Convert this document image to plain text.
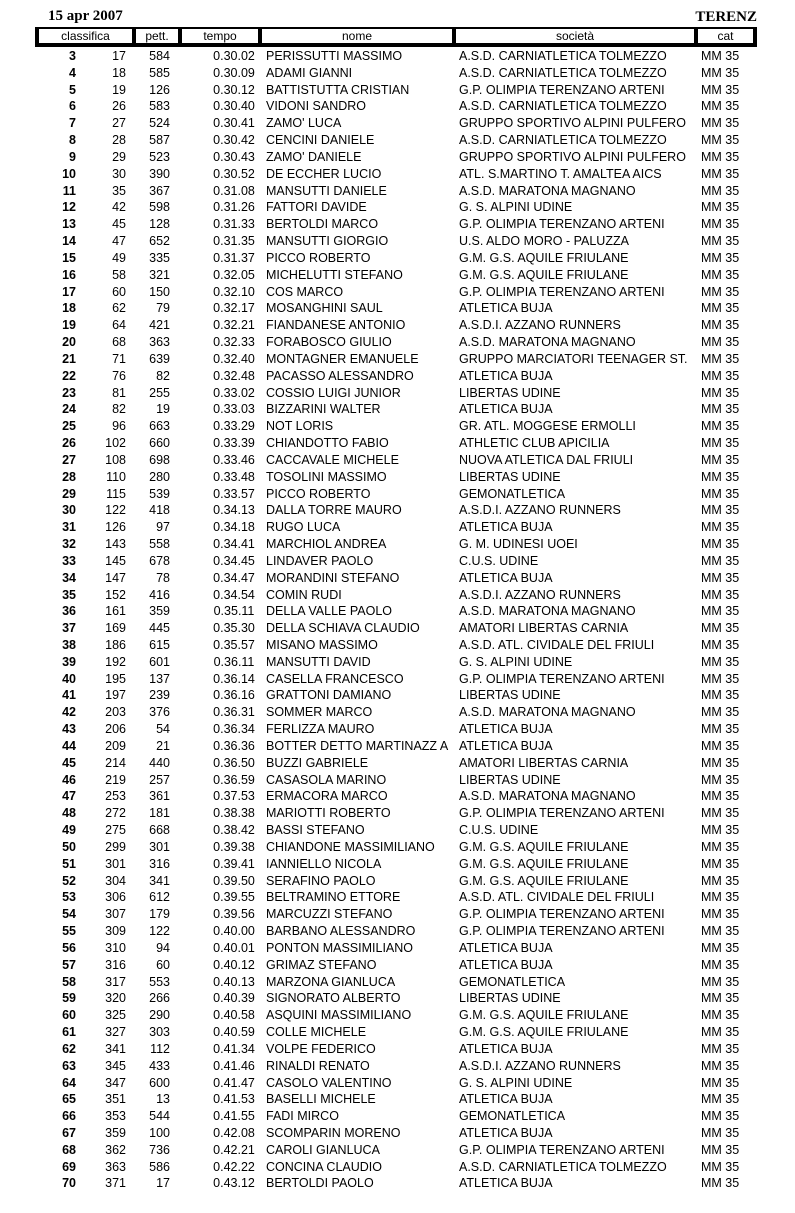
15 apr 2007	TERENZ
classifica	pett.	tempo	nome	società	cat
3	17	584	0.30.02 PERISSUTTI MASSIMO	A.S.D. CARNIATLETICA TOLMEZZO	MM 35
4	18	585	0.30.09 ADAMI GIANNI	A.S.D. CARNIATLETICA TOLMEZZO	MM 35
5	19	126	0.30.12 BATTISTUTTA CRISTIAN	G.P. OLIMPIA TERENZANO ARTENI	MM 35
6	26	583	0.30.40 VIDONI SANDRO	A.S.D. CARNIATLETICA TOLMEZZO	MM 35
7	27	524	0.30.41 ZAMO' LUCA	GRUPPO SPORTIVO ALPINI PULFERO	MM 35
8	28	587	0.30.42 CENCINI DANIELE	A.S.D. CARNIATLETICA TOLMEZZO	MM 35
9	29	523	0.30.43 ZAMO' DANIELE	GRUPPO SPORTIVO ALPINI PULFERO	MM 35
10	30	390	0.30.52 DE ECCHER LUCIO	ATL. S.MARTINO T. AMALTEA AICS	MM 35
11	35	367	0.31.08 MANSUTTI DANIELE	A.S.D. MARATONA MAGNANO	MM 35
12	42	598	0.31.26 FATTORI DAVIDE	G. S. ALPINI UDINE	MM 35
13	45	128	0.31.33 BERTOLDI MARCO	G.P. OLIMPIA TERENZANO ARTENI	MM 35
14	47	652	0.31.35 MANSUTTI GIORGIO	U.S. ALDO MORO - PALUZZA	MM 35
15	49	335	0.31.37 PICCO ROBERTO	G.M. G.S. AQUILE FRIULANE	MM 35
16	58	321	0.32.05 MICHELUTTI STEFANO	G.M. G.S. AQUILE FRIULANE	MM 35
17	60	150	0.32.10 COS MARCO	G.P. OLIMPIA TERENZANO ARTENI	MM 35
18	62	79	0.32.17 MOSANGHINI SAUL	ATLETICA BUJA	MM 35
19	64	421	0.32.21 FIANDANESE ANTONIO	A.S.D.I. AZZANO RUNNERS	MM 35
20	68	363	0.32.33 FORABOSCO GIULIO	A.S.D. MARATONA MAGNANO	MM 35
21	71	639	0.32.40 MONTAGNER EMANUELE	GRUPPO MARCIATORI TEENAGER ST.	MM 35
22	76	82	0.32.48 PACASSO ALESSANDRO	ATLETICA BUJA	MM 35
23	81	255	0.33.02 COSSIO LUIGI JUNIOR	LIBERTAS UDINE	MM 35
24	82	19	0.33.03 BIZZARINI WALTER	ATLETICA BUJA	MM 35
25	96	663	0.33.29 NOT LORIS	GR. ATL. MOGGESE ERMOLLI	MM 35
26	102	660	0.33.39 CHIANDOTTO FABIO	ATHLETIC CLUB APICILIA	MM 35
27	108	698	0.33.46 CACCAVALE MICHELE	NUOVA ATLETICA DAL FRIULI	MM 35
28	110	280	0.33.48 TOSOLINI MASSIMO	LIBERTAS UDINE	MM 35
29	115	539	0.33.57 PICCO ROBERTO	GEMONATLETICA	MM 35
30	122	418	0.34.13 DALLA TORRE MAURO	A.S.D.I. AZZANO RUNNERS	MM 35
31	126	97	0.34.18 RUGO LUCA	ATLETICA BUJA	MM 35
32	143	558	0.34.41 MARCHIOL ANDREA	G. M. UDINESI UOEI	MM 35
33	145	678	0.34.45 LINDAVER PAOLO	C.U.S. UDINE	MM 35
34	147	78	0.34.47 MORANDINI STEFANO	ATLETICA BUJA	MM 35
35	152	416	0.34.54 COMIN RUDI	A.S.D.I. AZZANO RUNNERS	MM 35
36	161	359	0.35.11 DELLA VALLE PAOLO	A.S.D. MARATONA MAGNANO	MM 35
37	169	445	0.35.30 DELLA SCHIAVA CLAUDIO	AMATORI LIBERTAS CARNIA	MM 35
38	186	615	0.35.57 MISANO MASSIMO	A.S.D. ATL. CIVIDALE DEL FRIULI	MM 35
39	192	601	0.36.11 MANSUTTI DAVID	G. S. ALPINI UDINE	MM 35
40	195	137	0.36.14 CASELLA FRANCESCO	G.P. OLIMPIA TERENZANO ARTENI	MM 35
41	197	239	0.36.16 GRATTONI DAMIANO	LIBERTAS UDINE	MM 35
42	203	376	0.36.31 SOMMER MARCO	A.S.D. MARATONA MAGNANO	MM 35
43	206	54	0.36.34 FERLIZZA MAURO	ATLETICA BUJA	MM 35
44	209	21	0.36.36 BOTTER DETTO MARTINAZZ A ATLETICA BUJA	MM 35
45	214	440	0.36.50 BUZZI GABRIELE	AMATORI LIBERTAS CARNIA	MM 35
46	219	257	0.36.59 CASASOLA MARINO	LIBERTAS UDINE	MM 35
47	253	361	0.37.53 ERMACORA MARCO	A.S.D. MARATONA MAGNANO	MM 35
48	272	181	0.38.38 MARIOTTI ROBERTO	G.P. OLIMPIA TERENZANO ARTENI	MM 35
49	275	668	0.38.42 BASSI STEFANO	C.U.S. UDINE	MM 35
50	299	301	0.39.38 CHIANDONE MASSIMILIANO	G.M. G.S. AQUILE FRIULANE	MM 35
51	301	316	0.39.41 IANNIELLO NICOLA	G.M. G.S. AQUILE FRIULANE	MM 35
52	304	341	0.39.50 SERAFINO PAOLO	G.M. G.S. AQUILE FRIULANE	MM 35
53	306	612	0.39.55 BELTRAMINO ETTORE	A.S.D. ATL. CIVIDALE DEL FRIULI	MM 35
54	307	179	0.39.56 MARCUZZI STEFANO	G.P. OLIMPIA TERENZANO ARTENI	MM 35
55	309	122	0.40.00 BARBANO ALESSANDRO	G.P. OLIMPIA TERENZANO ARTENI	MM 35
56	310	94	0.40.01 PONTON MASSIMILIANO	ATLETICA BUJA	MM 35
57	316	60	0.40.12 GRIMAZ STEFANO	ATLETICA BUJA	MM 35
58	317	553	0.40.13 MARZONA GIANLUCA	GEMONATLETICA	MM 35
59	320	266	0.40.39 SIGNORATO ALBERTO	LIBERTAS UDINE	MM 35
60	325	290	0.40.58 ASQUINI MASSIMILIANO	G.M. G.S. AQUILE FRIULANE	MM 35
61	327	303	0.40.59 COLLE MICHELE	G.M. G.S. AQUILE FRIULANE	MM 35
62	341	112	0.41.34 VOLPE FEDERICO	ATLETICA BUJA	MM 35
63	345	433	0.41.46 RINALDI RENATO	A.S.D.I. AZZANO RUNNERS	MM 35
64	347	600	0.41.47 CASOLO VALENTINO	G. S. ALPINI UDINE	MM 35
65	351	13	0.41.53 BASELLI MICHELE	ATLETICA BUJA	MM 35
66	353	544	0.41.55 FADI MIRCO	GEMONATLETICA	MM 35
67	359	100	0.42.08 SCOMPARIN MORENO	ATLETICA BUJA	MM 35
68	362	736	0.42.21 CAROLI GIANLUCA	G.P. OLIMPIA TERENZANO ARTENI	MM 35
69	363	586	0.42.22 CONCINA CLAUDIO	A.S.D. CARNIATLETICA TOLMEZZO	MM 35
70	371	17	0.43.12 BERTOLDI PAOLO	ATLETICA BUJA	MM 35
